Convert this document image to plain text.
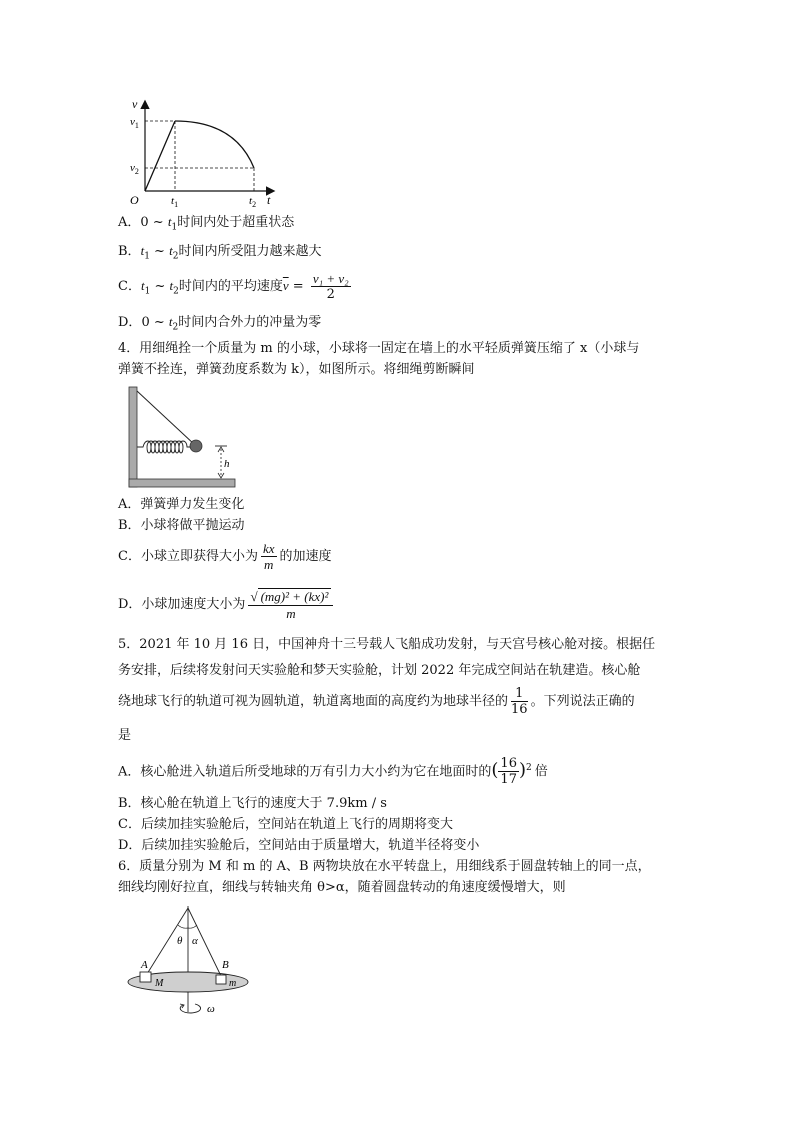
v
$v_1$
$v_2$
O	$t_1$	$t_2$ t
A．0 ~ $t_1$时间内处于超重状态
B．$t_1$ ~ $t_2$时间内所受阻力越来越大
C．$t_1$ ~ $t_2$时间内的平均速度$\overline{v} = \frac{\text{v₁ + v₂}}{2}$
D．0 ~ $t_2$时间内合外力的冲量为零
4．用细绳拴一个质量为 m 的小球，小球将一固定在墙上的水平轻质弹簧压缩了 x（小球与
弹簧不拴连，弹簧劲度系数为 k），如图所示。将细绳剪断瞬间
h
A．弹簧弹力发生变化
B．小球将做平抛运动
C．小球立即获得大小为 $\frac{kx}{m}$ 的加速度
D．小球加速度大小为 $\frac{\text{√ (mg)² + (kx)²}}{m}$
5．2021 年 10 月 16 日，中国神舟十三号载人飞船成功发射，与天宫号核心舱对接。根据任
务安排，后续将发射问天实验舱和梦天实验舱，计划 2022 年完成空间站在轨建造。核心舱
绕地球飞行的轨道可视为圆轨道，轨道离地面的高度约为地球半径的 $\frac{1}{16}$ 。下列说法正确的
是
A．核心舱进入轨道后所受地球的万有引力大小约为它在地面时的( $\frac{16}{17} )^2$ 倍
B．核心舱在轨道上飞行的速度大于 7.9km / s
C．后续加挂实验舱后，空间站在轨道上飞行的周期将变大
D．后续加挂实验舱后，空间站由于质量增大，轨道半径将变小
6．质量分别为 M 和 m 的 A、B 两物块放在水平转盘上，用细线系于圆盘转轴上的同一点，
细线均刚好拉直，细线与转轴夹角 θ>α，随着圆盘转动的角速度缓慢增大，则
θ α
A	B
M	m
ω
